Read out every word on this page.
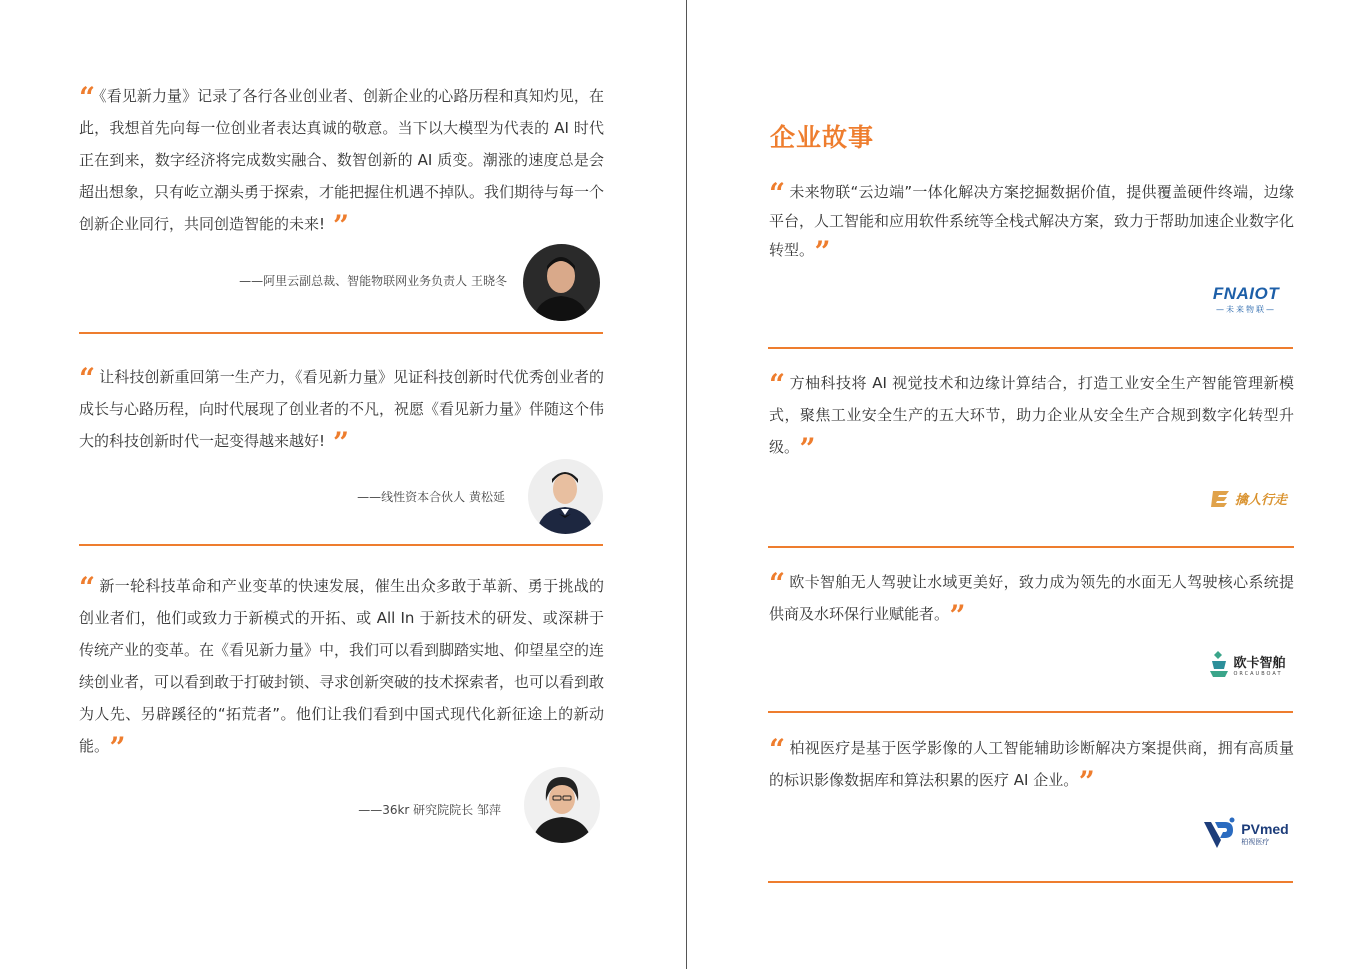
“ 《看见新力量》记录了各行各业创业者、创新企业的心路历程和真知灼见，在此，我想首先向每一位创业者表达真诚的敬意。当下以大模型为代表的 AI 时代正在到来，数字经济将完成数实融合、数智创新的 AI 质变。潮涨的速度总是会超出想象，只有屹立潮头勇于探索，才能把握住机遇不掉队。我们期待与每一个创新企业同行，共同创造智能的未来! ”
——阿里云副总裁、智能物联网业务负责人 王晓冬
“ 让科技创新重回第一生产力，《看见新力量》见证科技创新时代优秀创业者的成长与心路历程，向时代展现了创业者的不凡，祝愿《看见新力量》伴随这个伟大的科技创新时代一起变得越来越好! ”
——线性资本合伙人 黄松延
“ 新一轮科技革命和产业变革的快速发展，催生出众多敢于革新、勇于挑战的创业者们，他们或致力于新模式的开拓、或 All In 于新技术的研发、或深耕于传统产业的变革。在《看见新力量》中，我们可以看到脚踏实地、仰望星空的连续创业者，可以看到敢于打破封锁、寻求创新突破的技术探索者，也可以看到敢为人先、另辟蹊径的“拓荒者”。他们让我们看到中国式现代化新征途上的新动能。 ”
——36kr 研究院院长 邹萍
企业故事
“ 未来物联“云边端”一体化解决方案挖掘数据价值，提供覆盖硬件终端，边缘平台，人工智能和应用软件系统等全栈式解决方案，致力于帮助加速企业数字化转型。 ”
FNAIOT
—未来物联—
“ 方柚科技将 AI 视觉技术和边缘计算结合，打造工业安全生产智能管理新模式，聚焦工业安全生产的五大环节，助力企业从安全生产合规到数字化转型升级。 ”
擒人行走
“ 欧卡智舶无人驾驶让水域更美好，致力成为领先的水面无人驾驶核心系统提供商及水环保行业赋能者。 ”
欧卡智舶
ORCAUBOAT
“ 柏视医疗是基于医学影像的人工智能辅助诊断解决方案提供商，拥有高质量的标识影像数据库和算法积累的医疗 AI 企业。 ”
PVmed
柏视医疗
